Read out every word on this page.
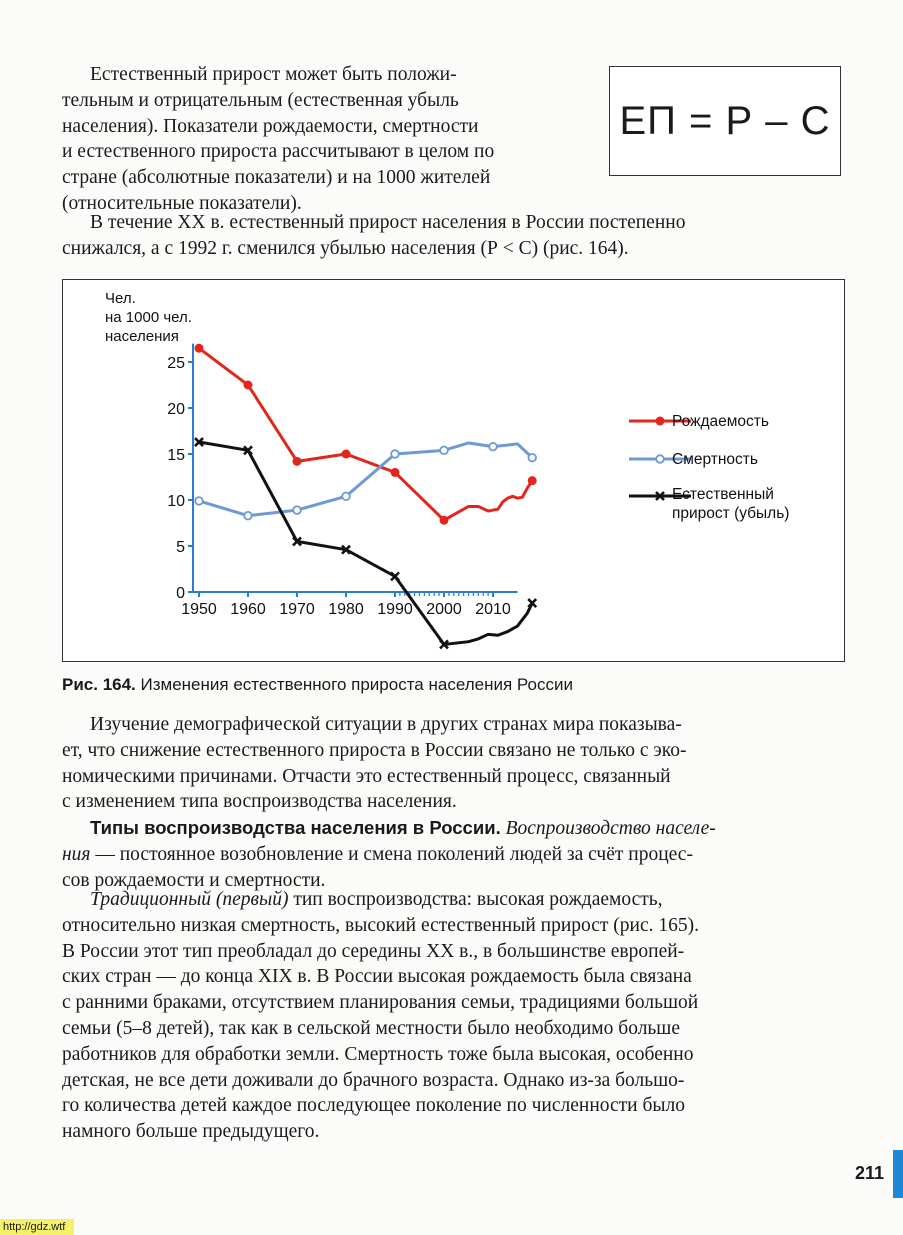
Естественный прирост может быть положи-
тельным и отрицательным (естественная убыль
населения). Показатели рождаемости, смертности
и естественного прироста рассчитывают в целом по
стране (абсолютные показатели) и на 1000 жителей
(относительные показатели).
ЕП = Р – С
В течение XX в. естественный прирост населения в России постепенно
снижался, а с 1992 г. сменился убылью населения (Р < С) (рис. 164).
Чел.
на 1000 чел.
населения
0
5
10
15
20
25
1950 1960 1970 1980 1990 2000 2010
Рождаемость
Смертность
Естественный
прирост (убыль)
Рис. 164. Изменения естественного прироста населения России
Изучение демографической ситуации в других странах мира показыва-
ет, что снижение естественного прироста в России связано не только с эко-
номическими причинами. Отчасти это естественный процесс, связанный
с изменением типа воспроизводства населения.
Типы воспроизводства населения в России. Воспроизводство населе-
ния — постоянное возобновление и смена поколений людей за счёт процес-
сов рождаемости и смертности.
Традиционный (первый) тип воспроизводства: высокая рождаемость,
относительно низкая смертность, высокий естественный прирост (рис. 165).
В России этот тип преобладал до середины XX в., в большинстве европей-
ских стран — до конца XIX в. В России высокая рождаемость была связана
с ранними браками, отсутствием планирования семьи, традициями большой
семьи (5–8 детей), так как в сельской местности было необходимо больше
работников для обработки земли. Смертность тоже была высокая, особенно
детская, не все дети доживали до брачного возраста. Однако из-за большо-
го количества детей каждое последующее поколение по численности было
намного больше предыдущего.
211
http://gdz.wtf
